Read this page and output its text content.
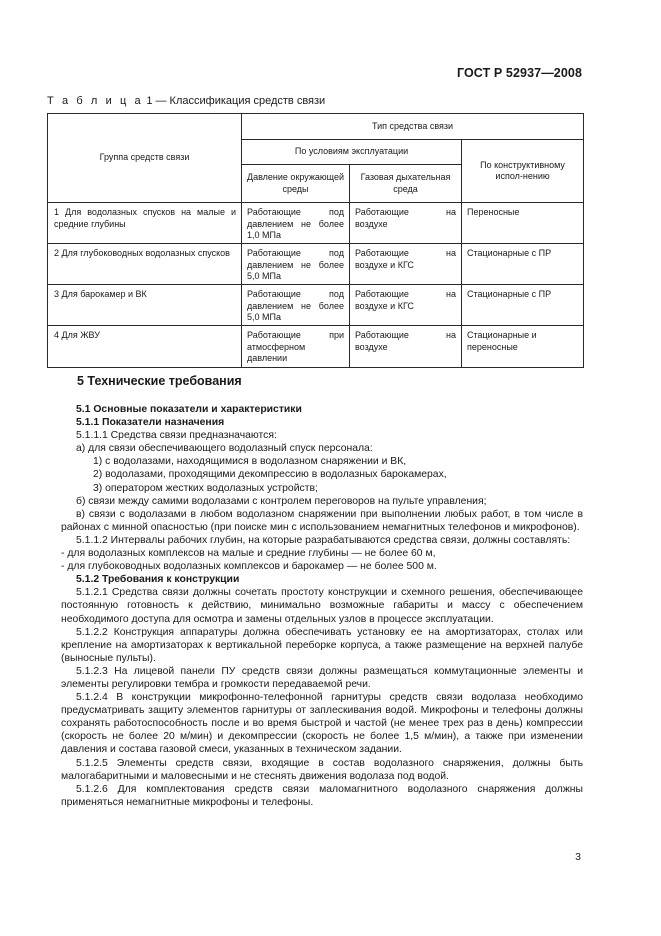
ГОСТ Р 52937—2008
Т а б л и ц а 1 — Классификация средств связи
Группа средств связи	Тип средства связи		
	По условиям эксплуатации		По конструктивному испол-нению
	Давление окружающей среды	Газовая дыхательная среда	
1 Для водолазных спусков на малые и средние глубины	Работающие под давлением не более 1,0 МПа	Работающие на воздухе	Переносные
2 Для глубоководных водолазных спусков	Работающие под давлением не более 5,0 МПа	Работающие на воздухе и КГС	Стационарные с ПР
3 Для барокамер и ВК	Работающие под давлением не более 5,0 МПа	Работающие на воздухе и КГС	Стационарные с ПР
4 Для ЖВУ	Работающие при атмосферном давлении	Работающие на воздухе	Стационарные и переносные
5 Технические требования

5.1 Основные показатели и характеристики

5.1.1 Показатели назначения

5.1.1.1 Средства связи предназначаются:

а) для связи обеспечивающего водолазный спуск персонала:

1) с водолазами, находящимися в водолазном снаряжении и ВК,

2) водолазами, проходящими декомпрессию в водолазных барокамерах,

3) оператором жестких водолазных устройств;

б) связи между самими водолазами с контролем переговоров на пульте управления;

в) связи с водолазами в любом водолазном снаряжении при выполнении любых работ, в том числе в районах с минной опасностью (при поиске мин с использованием немагнитных телефонов и микрофонов).

5.1.1.2 Интервалы рабочих глубин, на которые разрабатываются средства связи, должны составлять:

- для водолазных комплексов на малые и средние глубины — не более 60 м,

- для глубоководных водолазных комплексов и барокамер — не более 500 м.

5.1.2 Требования к конструкции

5.1.2.1 Средства связи должны сочетать простоту конструкции и схемного решения, обеспечивающее постоянную готовность к действию, минимально возможные габариты и массу с обеспечением необходимого доступа для осмотра и замены отдельных узлов в процессе эксплуатации.

5.1.2.2 Конструкция аппаратуры должна обеспечивать установку ее на амортизаторах, столах или крепление на амортизаторах к вертикальной переборке корпуса, а также размещение на верхней палубе (выносные пульты).

5.1.2.3 На лицевой панели ПУ средств связи должны размещаться коммутационные элементы и элементы регулировки тембра и громкости передаваемой речи.

5.1.2.4 В конструкции микрофонно-телефонной гарнитуры средств связи водолаза необходимо предусматривать защиту элементов гарнитуры от заплескивания водой. Микрофоны и телефоны должны сохранять работоспособность после и во время быстрой и частой (не менее трех раз в день) компрессии (скорость не более 20 м/мин) и декомпрессии (скорость не более 1,5 м/мин), а также при изменении давления и состава газовой смеси, указанных в техническом задании.

5.1.2.5 Элементы средств связи, входящие в состав водолазного снаряжения, должны быть малогабаритными и маловесными и не стеснять движения водолаза под водой.

5.1.2.6 Для комплектования средств связи маломагнитного водолазного снаряжения должны применяться немагнитные микрофоны и телефоны.

3
